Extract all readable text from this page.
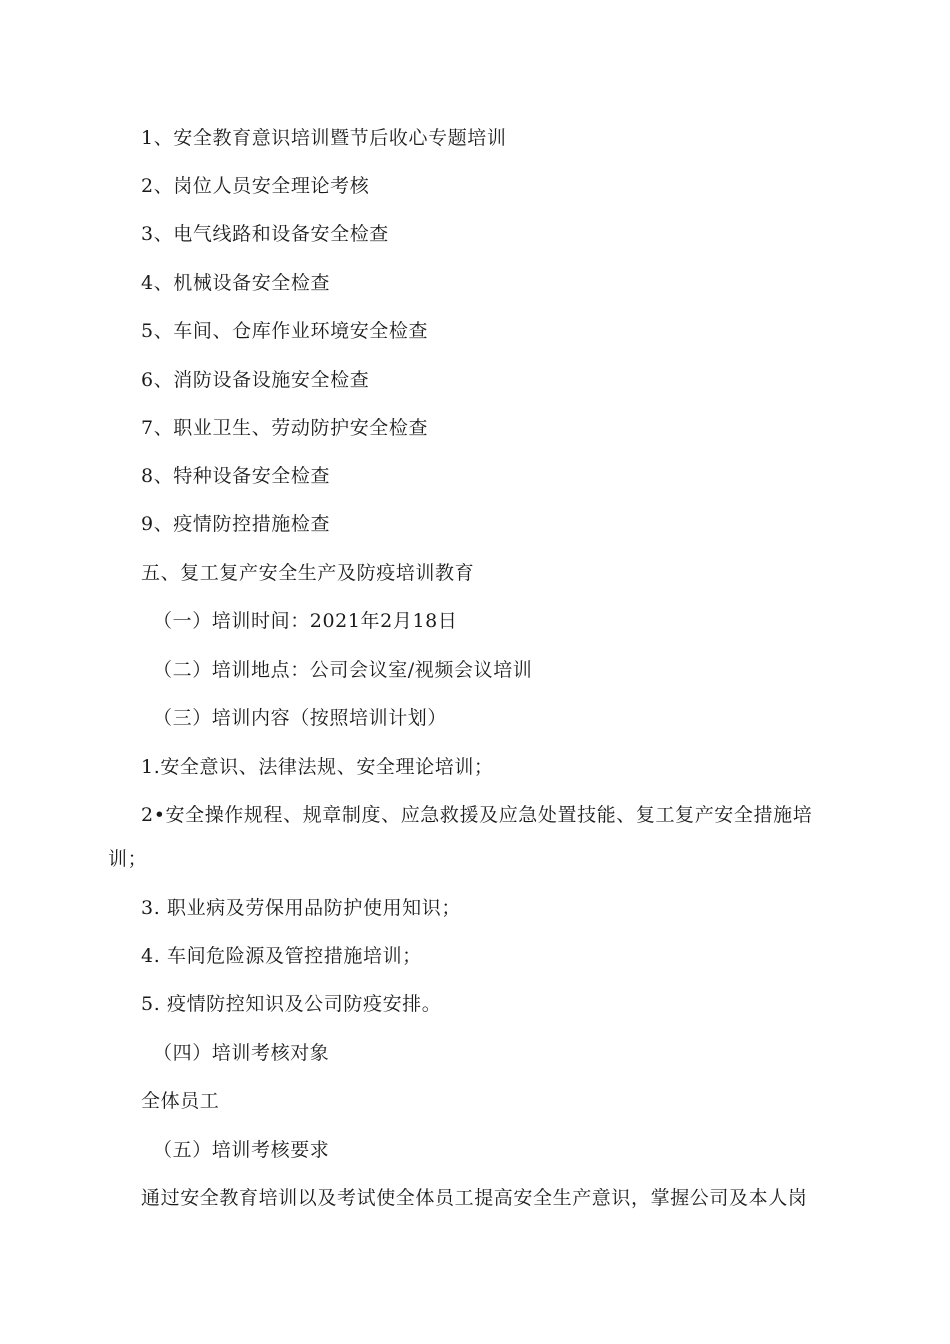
1、安全教育意识培训暨节后收心专题培训
2、岗位人员安全理论考核
3、电气线路和设备安全检查
4、机械设备安全检查
5、车间、仓库作业环境安全检查
6、消防设备设施安全检查
7、职业卫生、劳动防护安全检查
8、特种设备安全检查
9、疫情防控措施检查
五、复工复产安全生产及防疫培训教育
（一）培训时间：2021年2月18日
（二）培训地点：公司会议室/视频会议培训
（三）培训内容（按照培训计划）
1.安全意识、法律法规、安全理论培训；
2•安全操作规程、规章制度、应急救援及应急处置技能、复工复产安全措施培
训；
3. 职业病及劳保用品防护使用知识；
4. 车间危险源及管控措施培训；
5. 疫情防控知识及公司防疫安排。
（四）培训考核对象
全体员工
（五）培训考核要求
通过安全教育培训以及考试使全体员工提高安全生产意识，掌握公司及本人岗
